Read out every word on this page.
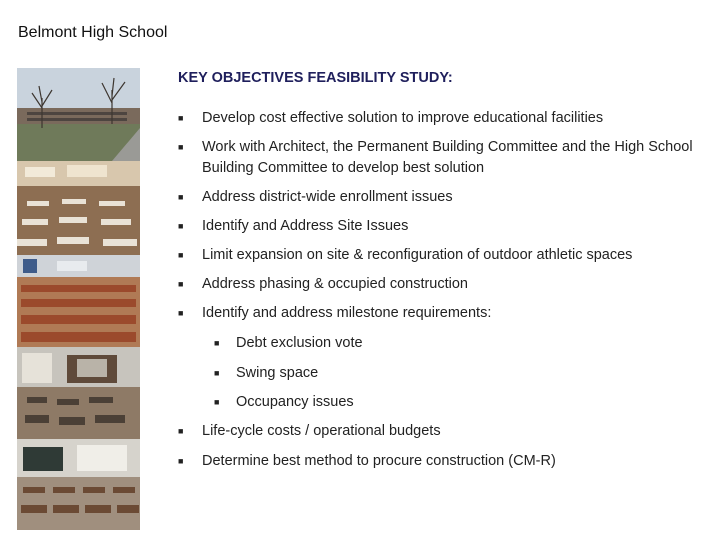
Belmont High School
KEY OBJECTIVES FEASIBILITY STUDY:
■ Develop cost effective solution to improve educational facilities
■ Work with Architect, the Permanent Building Committee and the High School Building Committee to develop best solution
■ Address district-wide enrollment issues
■ Identify and Address Site Issues
■ Limit expansion on site & reconfiguration of outdoor athletic spaces
■ Address phasing & occupied construction
■ Identify and address milestone requirements:
■ Debt exclusion vote
■ Swing space
■ Occupancy issues
■ Life-cycle costs / operational budgets
■ Determine best method to procure construction (CM-R)
